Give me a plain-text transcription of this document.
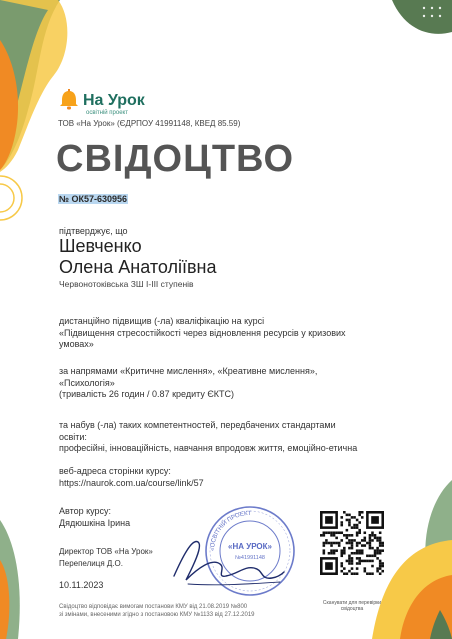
На Урок
освітній проект
ТОВ «На Урок» (ЄДРПОУ 41991148, КВЕД 85.59)
СВІДОЦТВО
№ ОК57-630956
підтверджує, що
Шевченко
Олена Анатоліївна
Червонотоківська ЗШ І-ІІІ ступенів
дистанційно підвищив (-ла) кваліфікацію на курсі
«Підвищення стресостійкості через відновлення ресурсів у кризових
умовах»
за напрямами «Критичне мислення», «Креативне мислення»,
«Психологія»
(тривалість 26 годин / 0.87 кредиту ЄКТС)
та набув (-ла) таких компетентностей, передбачених стандартами
освіти:
професійні, інноваційність, навчання впродовж життя, емоційно-етична
веб-адреса сторінки курсу:
https://naurok.com.ua/course/link/57
Автор курсу:
Дядюшкіна Ірина
Директор ТОВ «На Урок»
Перепелиця Д.О.
10.11.2023
Свідоцтво відповідає вимогам постанови КМУ від 21.08.2019 №800
зі змінами, внесеними згідно з постановою КМУ №1133 від 27.12.2019
«ОСВІТНІЙ ПРОЕКТ
«НА УРОК»
№41991148
Сканувати для перевірки свідоцтва
